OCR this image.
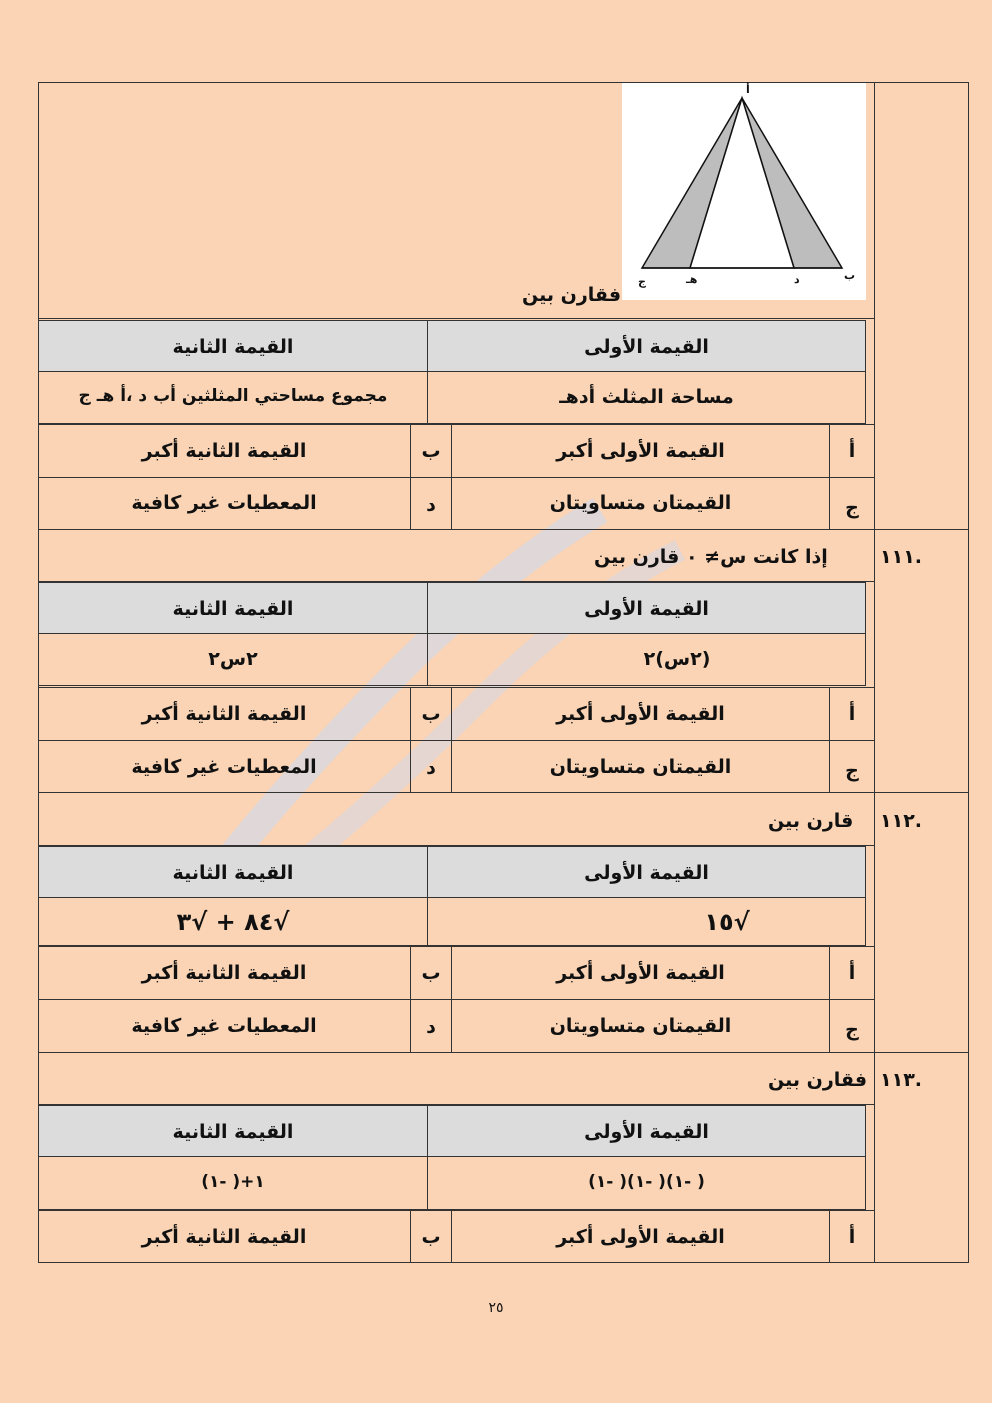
أ
ب
د
هـ
ج
فقارن بين
القيمة الأولى
القيمة الثانية
مساحة المثلث أدهـ
مجموع مساحتي المثلثين أب د ،أ هـ ج
أ
القيمة الأولى أكبر
ب
القيمة الثانية أكبر
ج
القيمتان متساويتان
د
المعطيات غير كافية
.١١١
إذا كانت س≠ ٠ قارن بين
القيمة الأولى
القيمة الثانية
(٢س)٢
٢س٢
أ
القيمة الأولى أكبر
ب
القيمة الثانية أكبر
ج
القيمتان متساويتان
د
المعطيات غير كافية
.١١٢
قارن بين
القيمة الأولى
القيمة الثانية
√١٥
√٨٤ + √٣
أ
القيمة الأولى أكبر
ب
القيمة الثانية أكبر
ج
القيمتان متساويتان
د
المعطيات غير كافية
.١١٣
فقارن بين
القيمة الأولى
القيمة الثانية
( -١)( -١)( -١)
١+( -١)
أ
القيمة الأولى أكبر
ب
القيمة الثانية أكبر
٢٥
